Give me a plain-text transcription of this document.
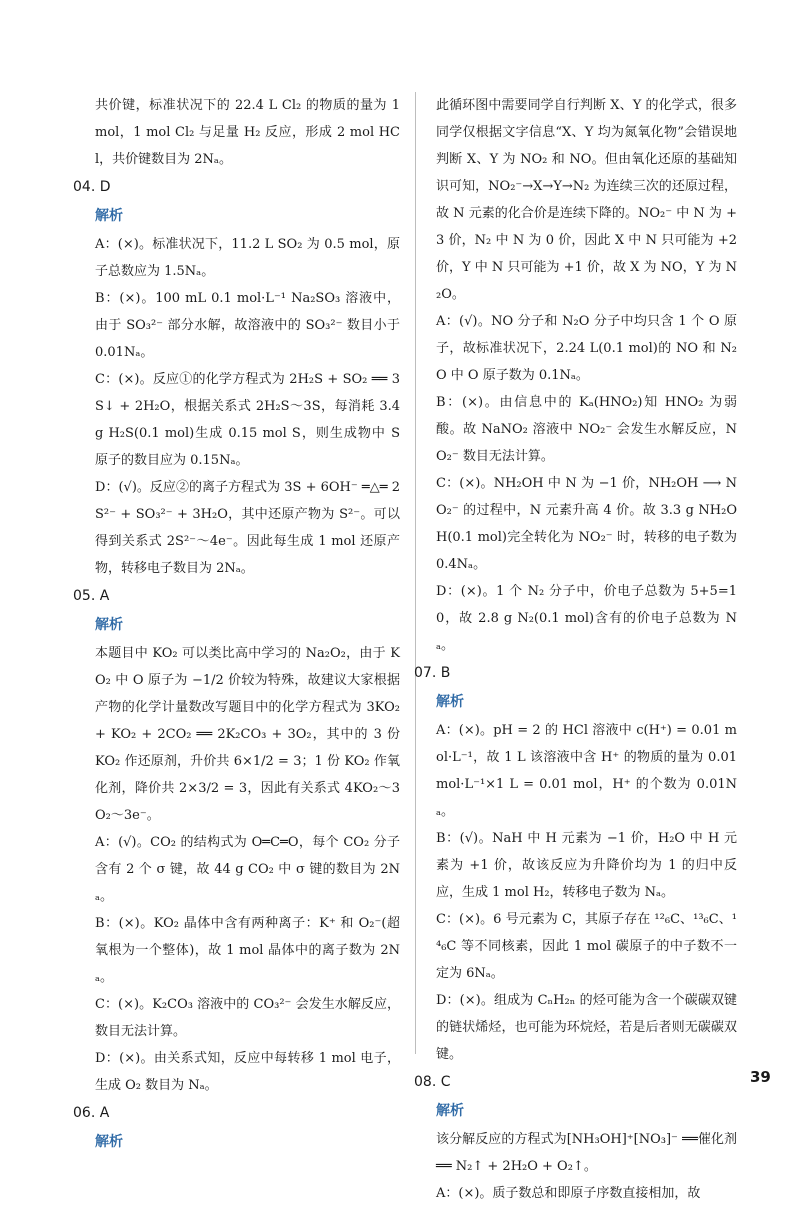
共价键，标准状况下的 22.4 L Cl₂ 的物质的量为 1 mol，1 mol Cl₂ 与足量 H₂ 反应，形成 2 mol HCl，共价键数目为 2Nₐ。

04. D

解析

A：(×)。标准状况下，11.2 L SO₂ 为 0.5 mol，原子总数应为 1.5Nₐ。

B：(×)。100 mL 0.1 mol·L⁻¹ Na₂SO₃ 溶液中，由于 SO₃²⁻ 部分水解，故溶液中的 SO₃²⁻ 数目小于 0.01Nₐ。

C：(×)。反应①的化学方程式为 2H₂S + SO₂ ══ 3S↓ + 2H₂O，根据关系式 2H₂S～3S，每消耗 3.4 g H₂S(0.1 mol)生成 0.15 mol S，则生成物中 S 原子的数目应为 0.15Nₐ。

D：(√)。反应②的离子方程式为 3S + 6OH⁻ ═△═ 2S²⁻ + SO₃²⁻ + 3H₂O，其中还原产物为 S²⁻。可以得到关系式 2S²⁻～4e⁻。因此每生成 1 mol 还原产物，转移电子数目为 2Nₐ。

05. A

解析

本题目中 KO₂ 可以类比高中学习的 Na₂O₂，由于 KO₂ 中 O 原子为 −1/2 价较为特殊，故建议大家根据产物的化学计量数改写题目中的化学方程式为 3KO₂ + KO₂ + 2CO₂ ══ 2K₂CO₃ + 3O₂，其中的 3 份 KO₂ 作还原剂，升价共 6×1/2 = 3；1 份 KO₂ 作氧化剂，降价共 2×3/2 = 3，因此有关系式 4KO₂～3O₂～3e⁻。

A：(√)。CO₂ 的结构式为 O═C═O，每个 CO₂ 分子含有 2 个 σ 键，故 44 g CO₂ 中 σ 键的数目为 2Nₐ。

B：(×)。KO₂ 晶体中含有两种离子：K⁺ 和 O₂⁻(超氧根为一个整体)，故 1 mol 晶体中的离子数为 2Nₐ。

C：(×)。K₂CO₃ 溶液中的 CO₃²⁻ 会发生水解反应，数目无法计算。

D：(×)。由关系式知，反应中每转移 1 mol 电子，生成 O₂ 数目为 Nₐ。

06. A

解析

此循环图中需要同学自行判断 X、Y 的化学式，很多同学仅根据文字信息“X、Y 均为氮氧化物”会错误地判断 X、Y 为 NO₂ 和 NO。但由氧化还原的基础知识可知，NO₂⁻→X→Y→N₂ 为连续三次的还原过程，故 N 元素的化合价是连续下降的。NO₂⁻ 中 N 为 +3 价，N₂ 中 N 为 0 价，因此 X 中 N 只可能为 +2 价，Y 中 N 只可能为 +1 价，故 X 为 NO，Y 为 N₂O。

A：(√)。NO 分子和 N₂O 分子中均只含 1 个 O 原子，故标准状况下，2.24 L(0.1 mol)的 NO 和 N₂O 中 O 原子数为 0.1Nₐ。

B：(×)。由信息中的 Kₐ(HNO₂)知 HNO₂ 为弱酸。故 NaNO₂ 溶液中 NO₂⁻ 会发生水解反应，NO₂⁻ 数目无法计算。

C：(×)。NH₂OH 中 N 为 −1 价，NH₂OH ⟶ NO₂⁻ 的过程中，N 元素升高 4 价。故 3.3 g NH₂OH(0.1 mol)完全转化为 NO₂⁻ 时，转移的电子数为 0.4Nₐ。

D：(×)。1 个 N₂ 分子中，价电子总数为 5+5=10，故 2.8 g N₂(0.1 mol)含有的价电子总数为 Nₐ。

07. B

解析

A：(×)。pH = 2 的 HCl 溶液中 c(H⁺) = 0.01 mol·L⁻¹，故 1 L 该溶液中含 H⁺ 的物质的量为 0.01 mol·L⁻¹×1 L = 0.01 mol，H⁺ 的个数为 0.01Nₐ。

B：(√)。NaH 中 H 元素为 −1 价，H₂O 中 H 元素为 +1 价，故该反应为升降价均为 1 的归中反应，生成 1 mol H₂，转移电子数为 Nₐ。

C：(×)。6 号元素为 C，其原子存在 ¹²₆C、¹³₆C、¹⁴₆C 等不同核素，因此 1 mol 碳原子的中子数不一定为 6Nₐ。

D：(×)。组成为 CₙH₂ₙ 的烃可能为含一个碳碳双键的链状烯烃，也可能为环烷烃，若是后者则无碳碳双键。

08. C

解析

该分解反应的方程式为[NH₃OH]⁺[NO₃]⁻ ══催化剂══ N₂↑ + 2H₂O + O₂↑。

A：(×)。质子数总和即原子序数直接相加，故

39
